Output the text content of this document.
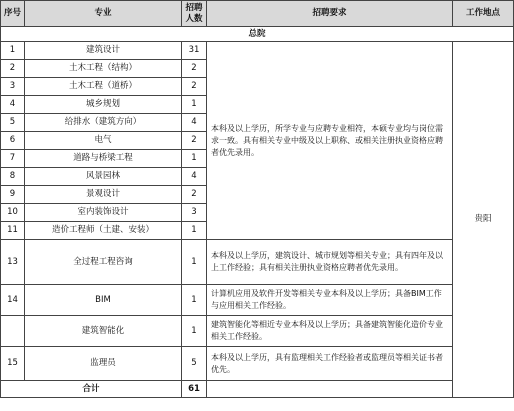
序号	专业	招聘人数	招聘要求	工作地点
总院				
1	建筑设计	31	本科及以上学历，所学专业与应聘专业相符，本硕专业均与岗位需求一致。具有相关专业中级及以上职称、或相关注册执业资格应聘者优先录用。	贵阳
2	土木工程（结构）	2		
3	土木工程（道桥）	2		
4	城乡规划	1		
5	给排水（建筑方向）	4		
6	电气	2		
7	道路与桥梁工程	1		
8	风景园林	4		
9	景观设计	2		
10	室内装饰设计	3		
11	造价工程师（土建、安装）	1		
13	全过程工程咨询	1	本科及以上学历，建筑设计、城市规划等相关专业；具有四年及以上工作经验；具有相关注册执业资格应聘者优先录用。	
14	BIM	1	计算机应用及软件开发等相关专业本科及以上学历；具备BIM工作与应用相关工作经验。	
	建筑智能化	1	建筑智能化等相近专业本科及以上学历；具备建筑智能化造价专业相关工作经验。	
15	监理员	5	本科及以上学历，具有监理相关工作经验者或监理员等相关证书者优先。	
合计		61		
